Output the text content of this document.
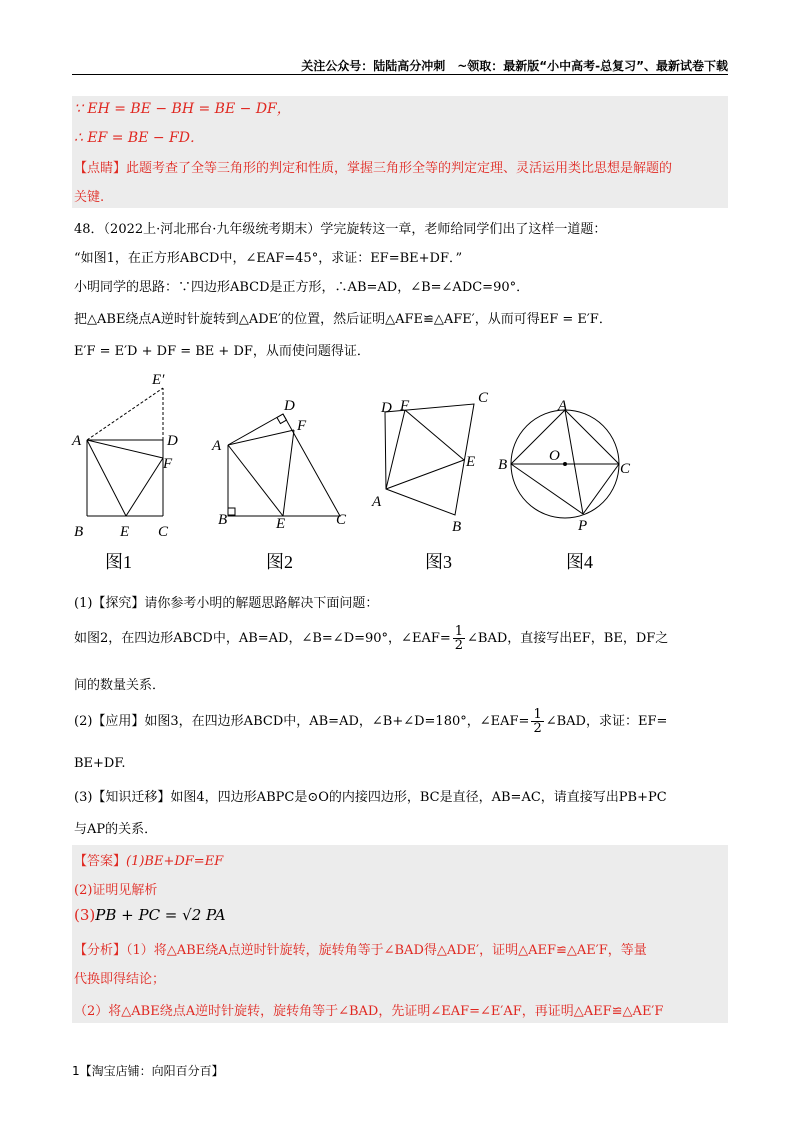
关注公众号：陆陆高分冲刺　~领取：最新版“小中高考-总复习”、最新试卷下载
∵ EH = BE − BH = BE − DF，
∴ EF = BE − FD．
【点睛】此题考查了全等三角形的判定和性质，掌握三角形全等的判定定理、灵活运用类比思想是解题的
关键.
48．（2022上·河北邢台·九年级统考期末）学完旋转这一章，老师给同学们出了这样一道题：
“如图1，在正方形ABCD中，∠EAF=45°，求证：EF=BE+DF．”
小明同学的思路：∵四边形ABCD是正方形，∴AB=AD，∠B=∠ADC=90°．
把△ABE绕点A逆时针旋转到△ADE′的位置，然后证明△AFE≌△AFE′，从而可得EF = E′F．
E′F = E′D + DF = BE + DF，从而使问题得证．
E′
A	D
F
B E C
图1
D
F
A
B	E	C
图2
D F	C
E
A
B
图3
A
B
O
C
P
图4
(1)【探究】请你参考小明的解题思路解决下面问题：
如图2，在四边形ABCD中，AB=AD，∠B=∠D=90°，∠EAF= $\frac{1}{2}$ ∠BAD，直接写出EF，BE，DF之
间的数量关系．
(2)【应用】如图3，在四边形ABCD中，AB=AD，∠B+∠D=180°，∠EAF= $\frac{1}{2}$ ∠BAD，求证：EF=
BE+DF.
(3)【知识迁移】如图4，四边形ABPC是⊙O的内接四边形，BC是直径，AB=AC，请直接写出PB+PC
与AP的关系．
【答案】(1)BE+DF=EF
(2)证明见解析
(3)PB + PC = √2 PA
【分析】（1）将△ABE绕A点逆时针旋转，旋转角等于∠BAD得△ADE′，证明△AEF≌△AE′F，等量
代换即得结论；
（2）将△ABE绕点A逆时针旋转，旋转角等于∠BAD，先证明∠EAF=∠E′AF，再证明△AEF≌△AE′F
1【淘宝店铺：向阳百分百】
